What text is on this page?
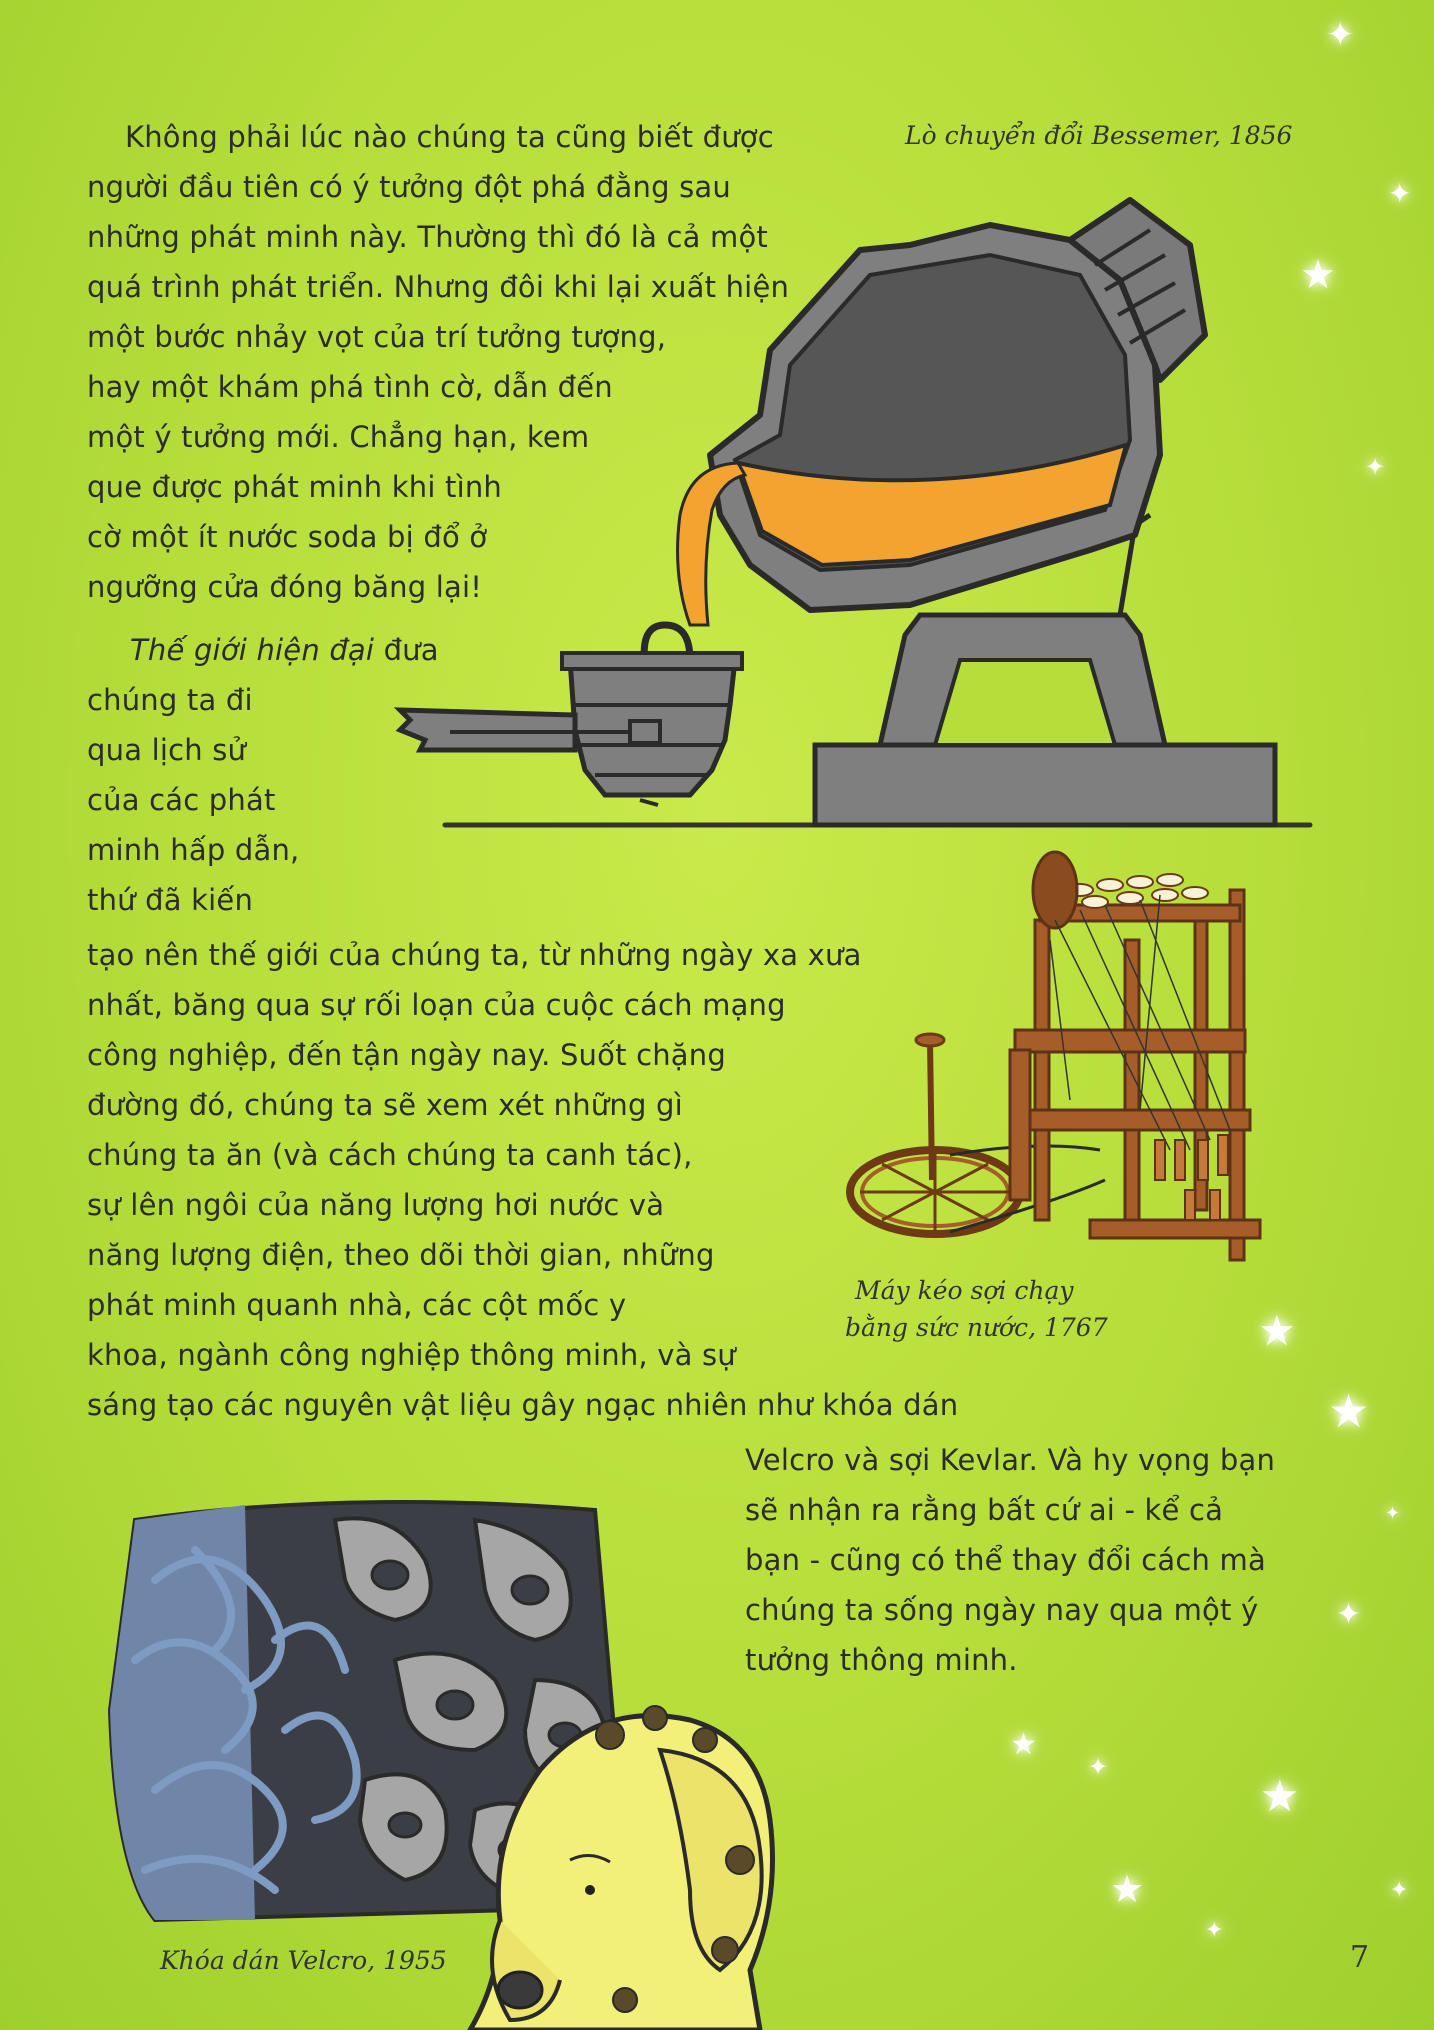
✦
✦
★
✦
★
★
✦
★
✦
★
★
✦
✦
✦
Không phải lúc nào chúng ta cũng biết được
người đầu tiên có ý tưởng đột phá đằng sau
những phát minh này. Thường thì đó là cả một
quá trình phát triển. Nhưng đôi khi lại xuất hiện
một bước nhảy vọt của trí tưởng tượng,
hay một khám phá tình cờ, dẫn đến
một ý tưởng mới. Chẳng hạn, kem
que được phát minh khi tình
cờ một ít nước soda bị đổ ở
ngưỡng cửa đóng băng lại!
Thế giới hiện đại đưa
chúng ta đi
qua lịch sử
của các phát
minh hấp dẫn,
thứ đã kiến
tạo nên thế giới của chúng ta, từ những ngày xa xưa
nhất, băng qua sự rối loạn của cuộc cách mạng
công nghiệp, đến tận ngày nay. Suốt chặng
đường đó, chúng ta sẽ xem xét những gì
chúng ta ăn (và cách chúng ta canh tác),
sự lên ngôi của năng lượng hơi nước và
năng lượng điện, theo dõi thời gian, những
phát minh quanh nhà, các cột mốc y
khoa, ngành công nghiệp thông minh, và sự
sáng tạo các nguyên vật liệu gây ngạc nhiên như khóa dán
Velcro và sợi Kevlar. Và hy vọng bạn
sẽ nhận ra rằng bất cứ ai - kể cả
bạn - cũng có thể thay đổi cách mà
chúng ta sống ngày nay qua một ý
tưởng thông minh.
Lò chuyển đổi Bessemer, 1856
Máy kéo sợi chạy
bằng sức nước, 1767
Khóa dán Velcro, 1955	7
